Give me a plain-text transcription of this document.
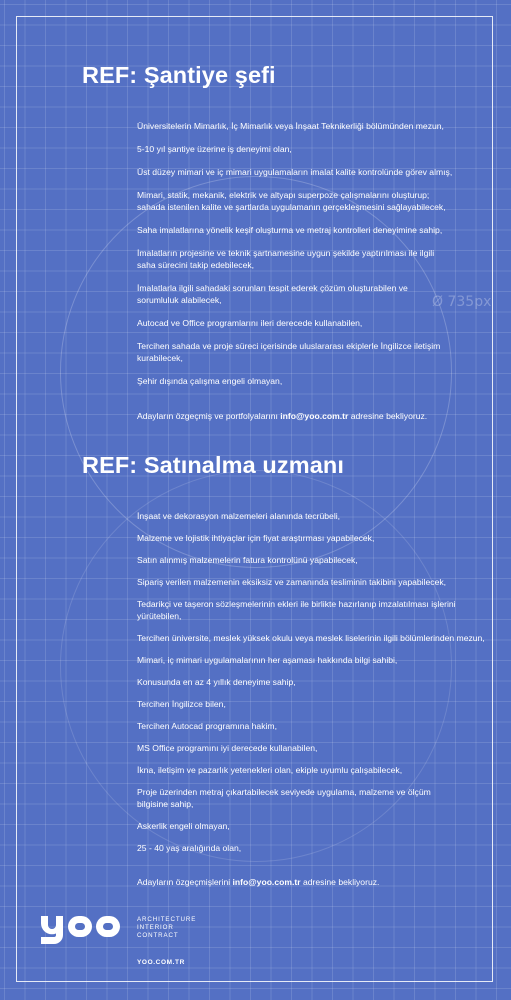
Ø 735px
REF: Şantiye şefi
Üniversitelerin Mimarlık, İç Mimarlık veya İnşaat Teknikerliği bölümünden mezun,
5-10 yıl şantiye üzerine iş deneyimi olan,
Üst düzey mimari ve iç mimari uygulamaların imalat kalite kontrolünde görev almış,
Mimari, statik, mekanik, elektrik ve altyapı superpoze çalışmalarını oluşturup;
sahada istenilen kalite ve şartlarda uygulamanın gerçekleşmesini sağlayabilecek,
Saha imalatlarına yönelik keşif oluşturma ve metraj kontrolleri deneyimine sahip,
İmalatların projesine ve teknik şartnamesine uygun şekilde yaptırılması ile ilgili
saha sürecini takip edebilecek,
İmalatlarla ilgili sahadaki sorunları tespit ederek çözüm oluşturabilen ve
sorumluluk alabilecek,
Autocad ve Office programlarını ileri derecede kullanabilen,
Tercihen sahada ve proje süreci içerisinde uluslararası ekiplerle İngilizce iletişim
kurabilecek,
Şehir dışında çalışma engeli olmayan,

Adayların özgeçmiş ve portfolyalarını info@yoo.com.tr adresine bekliyoruz.

REF: Satınalma uzmanı
İnşaat ve dekorasyon malzemeleri alanında tecrübeli,
Malzeme ve lojistik ihtiyaçlar için fiyat araştırması yapabilecek,
Satın alınmış malzemelerin fatura kontrolünü yapabilecek,
Sipariş verilen malzemenin eksiksiz ve zamanında tesliminin takibini yapabilecek,
Tedarikçi ve taşeron sözleşmelerinin ekleri ile birlikte hazırlanıp imzalatılması işlerini
yürütebilen,
Tercihen üniversite, meslek yüksek okulu veya meslek liselerinin ilgili bölümlerinden mezun,
Mimari, iç mimari uygulamalarının her aşaması hakkında bilgi sahibi,
Konusunda en az 4 yıllık deneyime sahip,
Tercihen İngilizce bilen,
Tercihen Autocad programına hakim,
MS Office programını iyi derecede kullanabilen,
İkna, iletişim ve pazarlık yetenekleri olan, ekiple uyumlu çalışabilecek,
Proje üzerinden metraj çıkartabilecek seviyede uygulama, malzeme ve ölçüm
bilgisine sahip,
Askerlik engeli olmayan,
25 - 40 yaş aralığında olan,

Adayların özgeçmişlerini info@yoo.com.tr adresine bekliyoruz.

ARCHITECTURE
INTERIOR
CONTRACT
YOO.COM.TR
